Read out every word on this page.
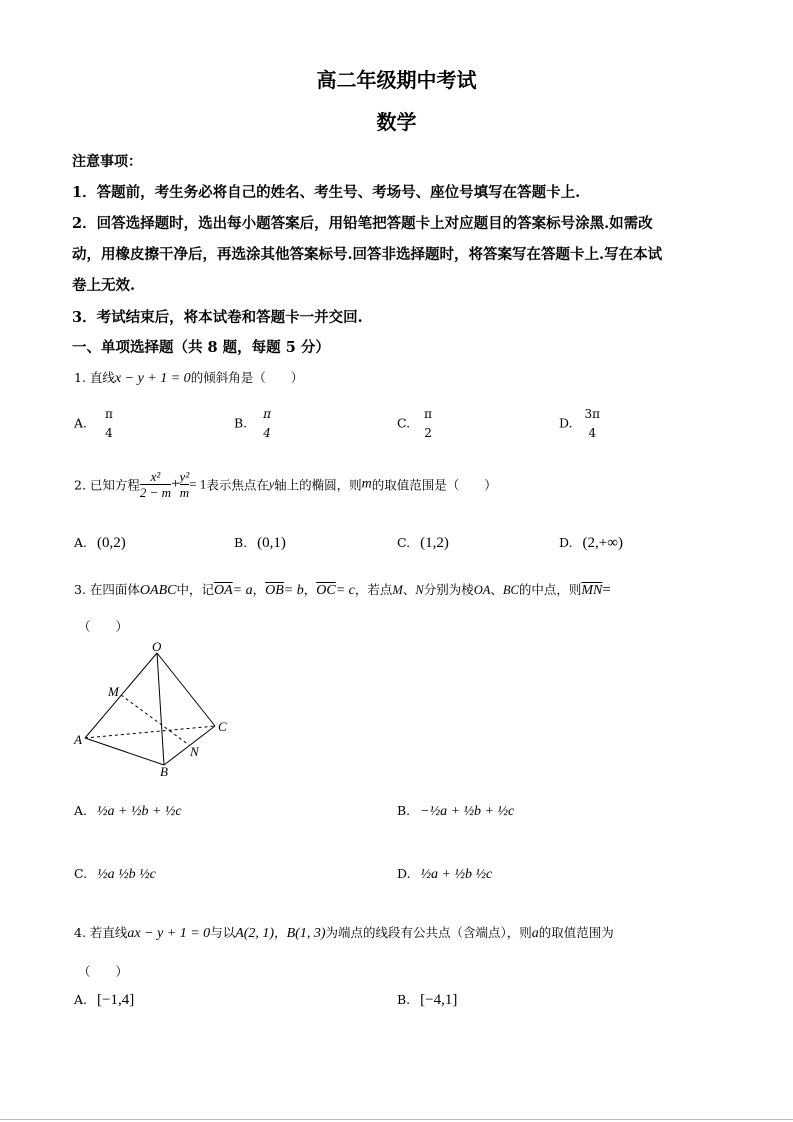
高二年级期中考试
数学
注意事项：
1．答题前，考生务必将自己的姓名、考生号、考场号、座位号填写在答题卡上.
2．回答选择题时，选出每小题答案后，用铅笔把答题卡上对应题目的答案标号涂黑.如需改
动，用橡皮擦干净后，再选涂其他答案标号.回答非选择题时，将答案写在答题卡上.写在本试
卷上无效.
3．考试结束后，将本试卷和答题卡一并交回.
一、单项选择题（共 8 题，每题 5 分）
1. 直线x − y + 1 = 0的倾斜角是（　　）
A.
π
4
B.
π
4
C.
π
2
D.
3π
4
2. 已知方程 $\frac{\text{x²}}{2 - m} + \frac{\text{y²}}{m} = 1$表示焦点在y轴上的椭圆，则m的取值范围是（　　）
A. (0,2)	B. (0,1)	C. (1,2)	D. (2,+∞)
3. 在四面体OABC中，记$\overline{OA}= a$，$\overline{OB}= b$，$\overline{OC}= c$，若点M、N分别为棱OA、BC的中点，则$\overline{MN}=$
（　　）
O
M
A
B
C
N
A. ½a + ½b + ½c	B. −½a + ½b + ½c
C. ½a ½b ½c	D. ½a + ½b ½c
4. 若直线ax − y + 1 = 0与以A(2, 1)，B(1, 3)为端点的线段有公共点（含端点），则a的取值范围为
（　　）
A. [−1,4]	B. [−4,1]
